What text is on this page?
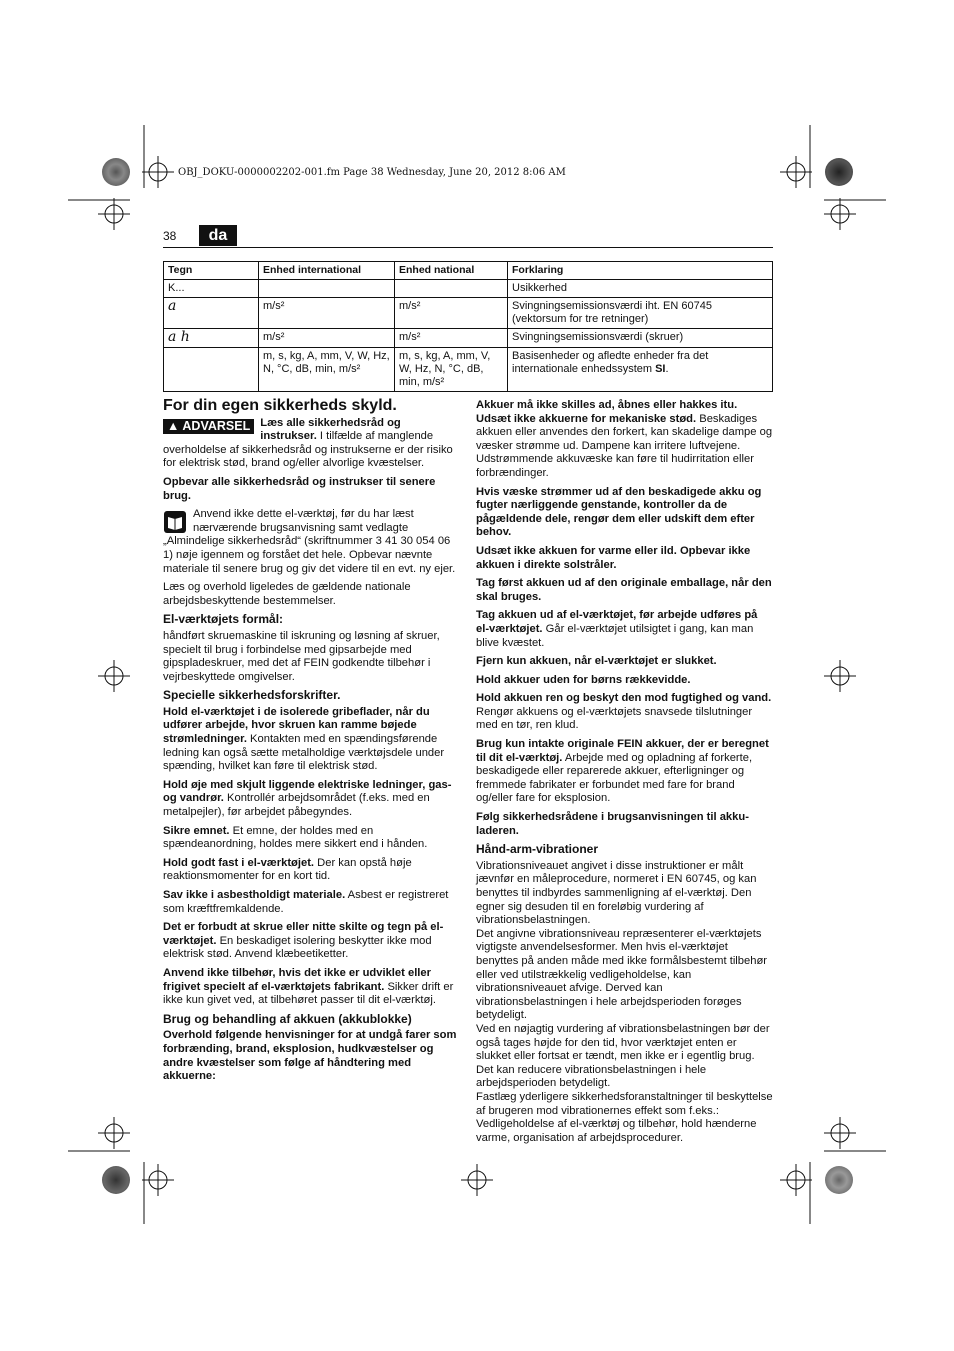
OBJ_DOKU-0000002202-001.fm Page 38 Wednesday, June 20, 2012 8:06 AM
38	da
Tegn	Enhed international	Enhed national	Forklaring
K...			Usikkerhed
a	m/s²	m/s²	Svingningsemissionsværdi iht. EN 60745 (vektorsum for tre retninger)
a h	m/s²	m/s²	Svingningsemissionsværdi (skruer)
	m, s, kg, A, mm, V, W, Hz, N, °C, dB, min, m/s²	m, s, kg, A, mm, V, W, Hz, N, °C, dB, min, m/s²	Basisenheder og afledte enheder fra det internationale enhedssystem SI.
For din egen sikkerheds skyld.

▲ ADVARSEL Læs alle sikkerhedsråd og instrukser. I tilfælde af manglende overholdelse af sikkerhedsråd og instrukserne er der risiko for elektrisk stød, brand og/eller alvorlige kvæstelser.

Opbevar alle sikkerhedsråd og instrukser til senere brug.

Anvend ikke dette el-værktøj, før du har læst nærværende brugsanvisning samt vedlagte „Almindelige sikkerhedsråd“ (skriftnummer 3 41 30 054 06 1) nøje igennem og forstået det hele. Opbevar nævnte materiale til senere brug og giv det videre til en evt. ny ejer.

Læs og overhold ligeledes de gældende nationale arbejdsbeskyttende bestemmelser.

El-værktøjets formål:

håndført skruemaskine til iskruning og løsning af skruer, specielt til brug i forbindelse med gipsarbejde med gipspladeskruer, med det af FEIN godkendte tilbehør i vejrbeskyttede omgivelser.

Specielle sikkerhedsforskrifter.

Hold el-værktøjet i de isolerede gribeflader, når du udfører arbejde, hvor skruen kan ramme bøjede strømledninger. Kontakten med en spændingsførende ledning kan også sætte metalholdige værktøjsdele under spænding, hvilket kan føre til elektrisk stød.

Hold øje med skjult liggende elektriske ledninger, gas- og vandrør. Kontrollér arbejdsområdet (f.eks. med en metalpejler), før arbejdet påbegyndes.

Sikre emnet. Et emne, der holdes med en spændeanordning, holdes mere sikkert end i hånden.

Hold godt fast i el-værktøjet. Der kan opstå høje reaktionsmomenter for en kort tid.

Sav ikke i asbestholdigt materiale. Asbest er registreret som kræftfremkaldende.

Det er forbudt at skrue eller nitte skilte og tegn på el-værktøjet. En beskadiget isolering beskytter ikke mod elektrisk stød. Anvend klæbeetiketter.

Anvend ikke tilbehør, hvis det ikke er udviklet eller frigivet specielt af el-værktøjets fabrikant. Sikker drift er ikke kun givet ved, at tilbehøret passer til dit el-værktøj.

Brug og behandling af akkuen (akkublokke)

Overhold følgende henvisninger for at undgå farer som forbrænding, brand, eksplosion, hudkvæstelser og andre kvæstelser som følge af håndtering med akkuerne:

Akkuer må ikke skilles ad, åbnes eller hakkes itu. Udsæt ikke akkuerne for mekaniske stød. Beskadiges akkuen eller anvendes den forkert, kan skadelige dampe og væsker strømme ud. Dampene kan irritere luftvejene. Udstrømmende akkuvæske kan føre til hudirritation eller forbrændinger.

Hvis væske strømmer ud af den beskadigede akku og fugter nærliggende genstande, kontroller da de pågældende dele, rengør dem eller udskift dem efter behov.

Udsæt ikke akkuen for varme eller ild. Opbevar ikke akkuen i direkte solstråler.

Tag først akkuen ud af den originale emballage, når den skal bruges.

Tag akkuen ud af el-værktøjet, før arbejde udføres på el-værktøjet. Går el-værktøjet utilsigtet i gang, kan man blive kvæstet.

Fjern kun akkuen, når el-værktøjet er slukket.

Hold akkuer uden for børns rækkevidde.

Hold akkuen ren og beskyt den mod fugtighed og vand. Rengør akkuens og el-værktøjets snavsede tilslutninger med en tør, ren klud.

Brug kun intakte originale FEIN akkuer, der er beregnet til dit el-værktøj. Arbejde med og opladning af forkerte, beskadigede eller reparerede akkuer, efterligninger og fremmede fabrikater er forbundet med fare for brand og/eller fare for eksplosion.

Følg sikkerhedsrådene i brugsanvisningen til akku-laderen.

Hånd-arm-vibrationer

Vibrationsniveauet angivet i disse instruktioner er målt jævnfør en måleprocedure, normeret i EN 60745, og kan benyttes til indbyrdes sammenligning af el-værktøj. Den egner sig desuden til en foreløbig vurdering af vibrationsbelastningen.

Det angivne vibrationsniveau repræsenterer el-værktøjets vigtigste anvendelsesformer. Men hvis el-værktøjet benyttes på anden måde med ikke formålsbestemt tilbehør eller ved utilstrækkelig vedligeholdelse, kan vibrationsniveauet afvige. Derved kan vibrationsbelastningen i hele arbejdsperioden forøges betydeligt.

Ved en nøjagtig vurdering af vibrationsbelastningen bør der også tages højde for den tid, hvor værktøjet enten er slukket eller fortsat er tændt, men ikke er i egentlig brug. Det kan reducere vibrationsbelastningen i hele arbejdsperioden betydeligt.

Fastlæg yderligere sikkerhedsforanstaltninger til beskyttelse af brugeren mod vibrationernes effekt som f.eks.: Vedligeholdelse af el-værktøj og tilbehør, hold hænderne varme, organisation af arbejdsprocedurer.
